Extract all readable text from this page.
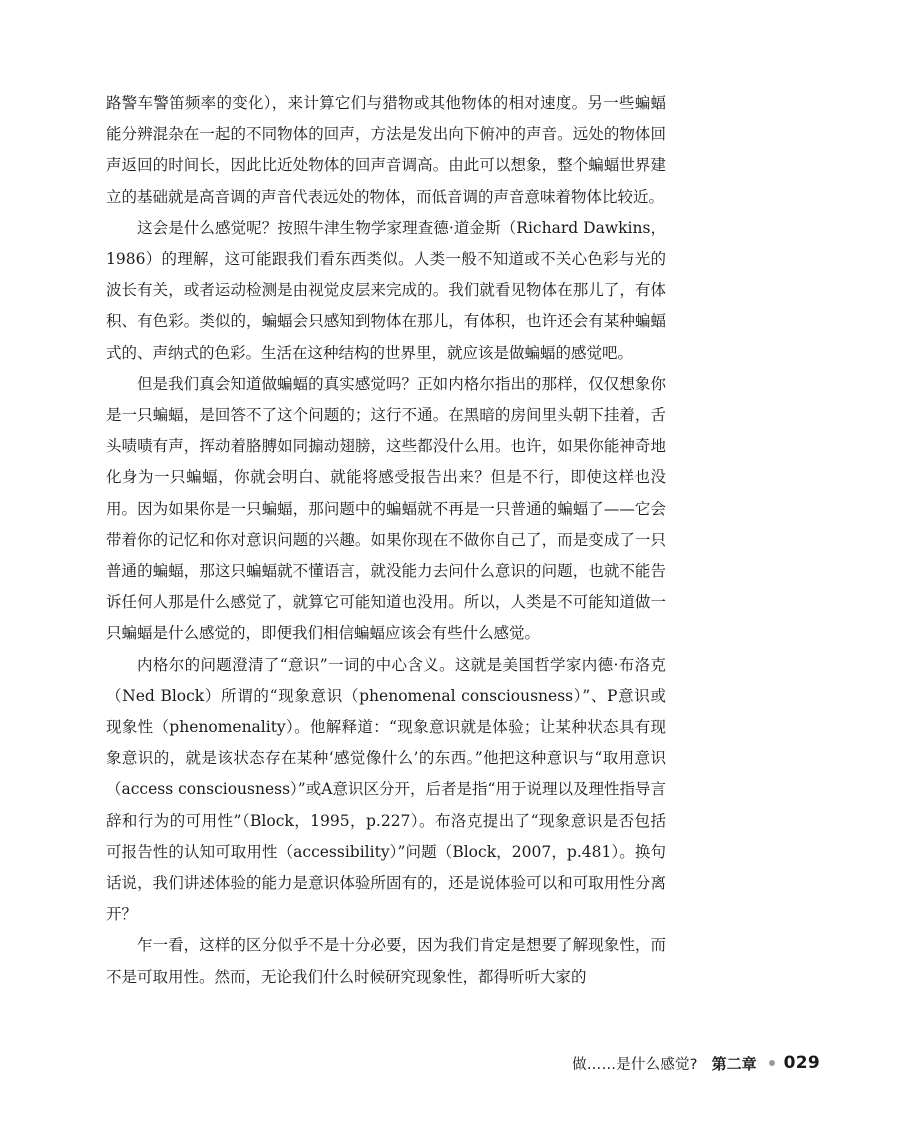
路警车警笛频率的变化），来计算它们与猎物或其他物体的相对速度。另一些蝙蝠能分辨混杂在一起的不同物体的回声，方法是发出向下俯冲的声音。远处的物体回声返回的时间长，因此比近处物体的回声音调高。由此可以想象，整个蝙蝠世界建立的基础就是高音调的声音代表远处的物体，而低音调的声音意味着物体比较近。

这会是什么感觉呢？按照牛津生物学家理查德·道金斯（Richard Dawkins，1986）的理解，这可能跟我们看东西类似。人类一般不知道或不关心色彩与光的波长有关，或者运动检测是由视觉皮层来完成的。我们就看见物体在那儿了，有体积、有色彩。类似的，蝙蝠会只感知到物体在那儿，有体积，也许还会有某种蝙蝠式的、声纳式的色彩。生活在这种结构的世界里，就应该是做蝙蝠的感觉吧。

但是我们真会知道做蝙蝠的真实感觉吗？正如内格尔指出的那样，仅仅想象你是一只蝙蝠，是回答不了这个问题的；这行不通。在黑暗的房间里头朝下挂着，舌头啧啧有声，挥动着胳膊如同搧动翅膀，这些都没什么用。也许，如果你能神奇地化身为一只蝙蝠，你就会明白、就能将感受报告出来？但是不行，即使这样也没用。因为如果你是一只蝙蝠，那问题中的蝙蝠就不再是一只普通的蝙蝠了——它会带着你的记忆和你对意识问题的兴趣。如果你现在不做你自己了，而是变成了一只普通的蝙蝠，那这只蝙蝠就不懂语言，就没能力去问什么意识的问题，也就不能告诉任何人那是什么感觉了，就算它可能知道也没用。所以，人类是不可能知道做一只蝙蝠是什么感觉的，即便我们相信蝙蝠应该会有些什么感觉。

内格尔的问题澄清了“意识”一词的中心含义。这就是美国哲学家内德·布洛克（Ned Block）所谓的“现象意识（phenomenal consciousness）”、P意识或现象性（phenomenality）。他解释道：“现象意识就是体验；让某种状态具有现象意识的，就是该状态存在某种‘感觉像什么’的东西。”他把这种意识与“取用意识（access consciousness）”或A意识区分开，后者是指“用于说理以及理性指导言辞和行为的可用性”（Block，1995，p.227）。布洛克提出了“现象意识是否包括可报告性的认知可取用性（accessibility）”问题（Block，2007，p.481）。换句话说，我们讲述体验的能力是意识体验所固有的，还是说体验可以和可取用性分离开？

乍一看，这样的区分似乎不是十分必要，因为我们肯定是想要了解现象性，而不是可取用性。然而，无论我们什么时候研究现象性，都得听听大家的

做……是什么感觉? 第二章 029
